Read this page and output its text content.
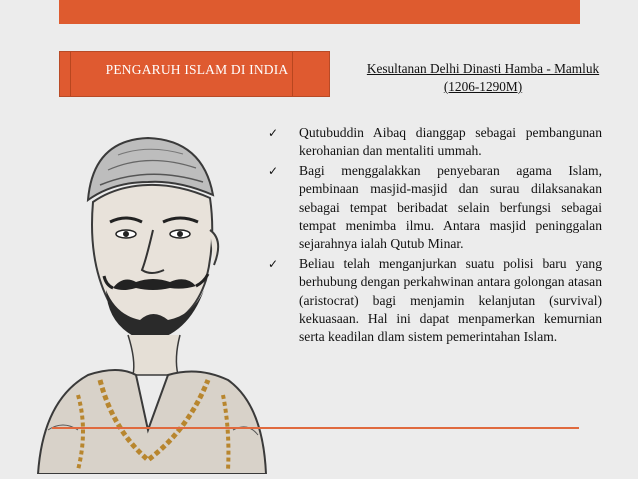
PENGARUH ISLAM DI INDIA	Kesultanan Delhi Dinasti Hamba - Mamluk (1206-1290M)
✓ Qutubuddin Aibaq dianggap sebagai pembangunan kerohanian dan mentaliti ummah.
✓ Bagi menggalakkan penyebaran agama Islam, pembinaan masjid-masjid dan surau dilaksanakan sebagai tempat beribadat selain berfungsi sebagai tempat menimba ilmu. Antara masjid peninggalan sejarahnya ialah Qutub Minar.
✓ Beliau telah menganjurkan suatu polisi baru yang berhubung dengan perkahwinan antara golongan atasan (aristocrat) bagi menjamin kelanjutan (survival) kekuasaan. Hal ini dapat menpamerkan kemurnian serta keadilan dlam sistem pemerintahan Islam.
